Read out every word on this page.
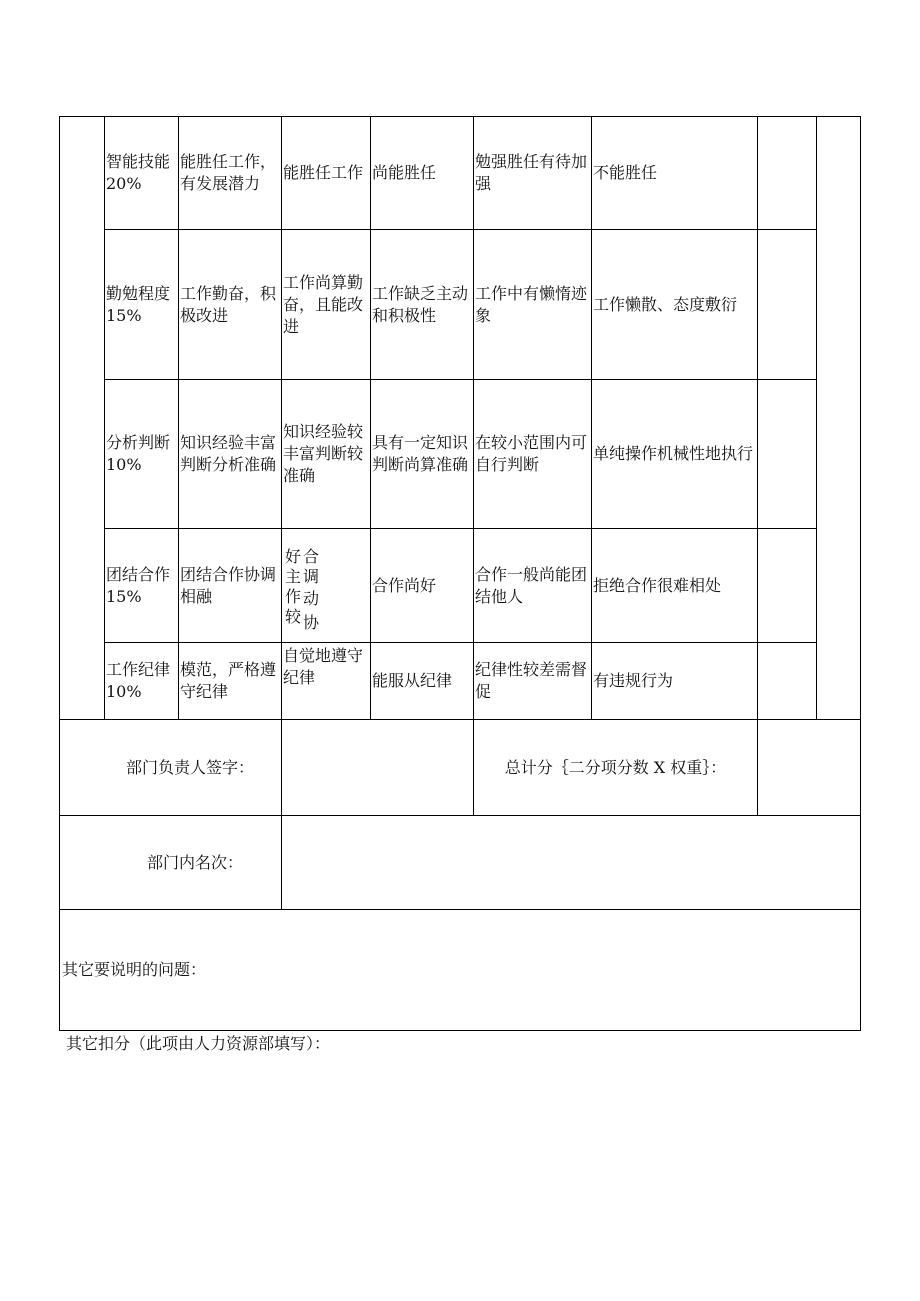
智能技能 20%
能胜任工作，有发展潜力
能胜任工作 尚能胜任
勉强胜任有待加强
不能胜任
勤勉程度 15%
工作勤奋，积极改进
工作尚算勤奋，且能改进
工作缺乏主动和积极性
工作中有懒惰迹象
工作懒散、态度敷衍
分析判断 10%
知识经验丰富判断分析准确
知识经验较丰富判断较准确
具有一定知识判断尚算准确
在较小范围内可自行判断
单纯操作机械性地执行
团结合作 15%
团结合作协调相融
好 合
主 调
作 动
较 协
合作尚好
合作一般尚能团结他人
拒绝合作很难相处
工作纪律 10%
模范，严格遵守纪律
自觉地遵守纪律	能服从纪律
纪律性较差需督促
有违规行为
部门负责人签字：	总计分｛二分项分数 X 权重｝：
部门内名次：
其它要说明的问题：
其它扣分（此项由人力资源部填写）：
